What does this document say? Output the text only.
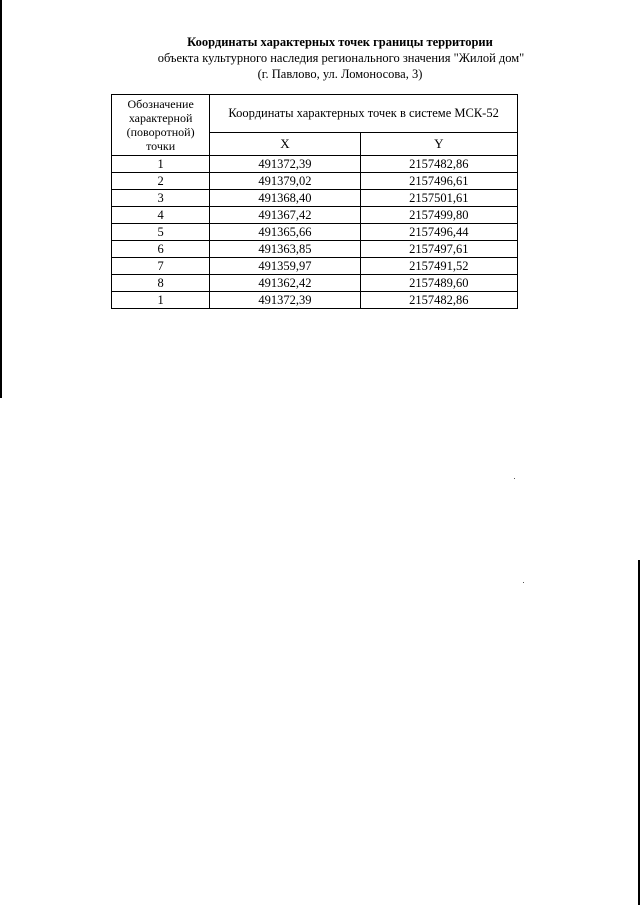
Координаты характерных точек границы территории
объекта культурного наследия регионального значения "Жилой дом"
(г. Павлово, ул. Ломоносова, 3)
Обозначение характерной (поворотной) точки	Координаты характерных точек в системе МСК-52	
	X	Y
1	491372,39	2157482,86
2	491379,02	2157496,61
3	491368,40	2157501,61
4	491367,42	2157499,80
5	491365,66	2157496,44
6	491363,85	2157497,61
7	491359,97	2157491,52
8	491362,42	2157489,60
1	491372,39	2157482,86
